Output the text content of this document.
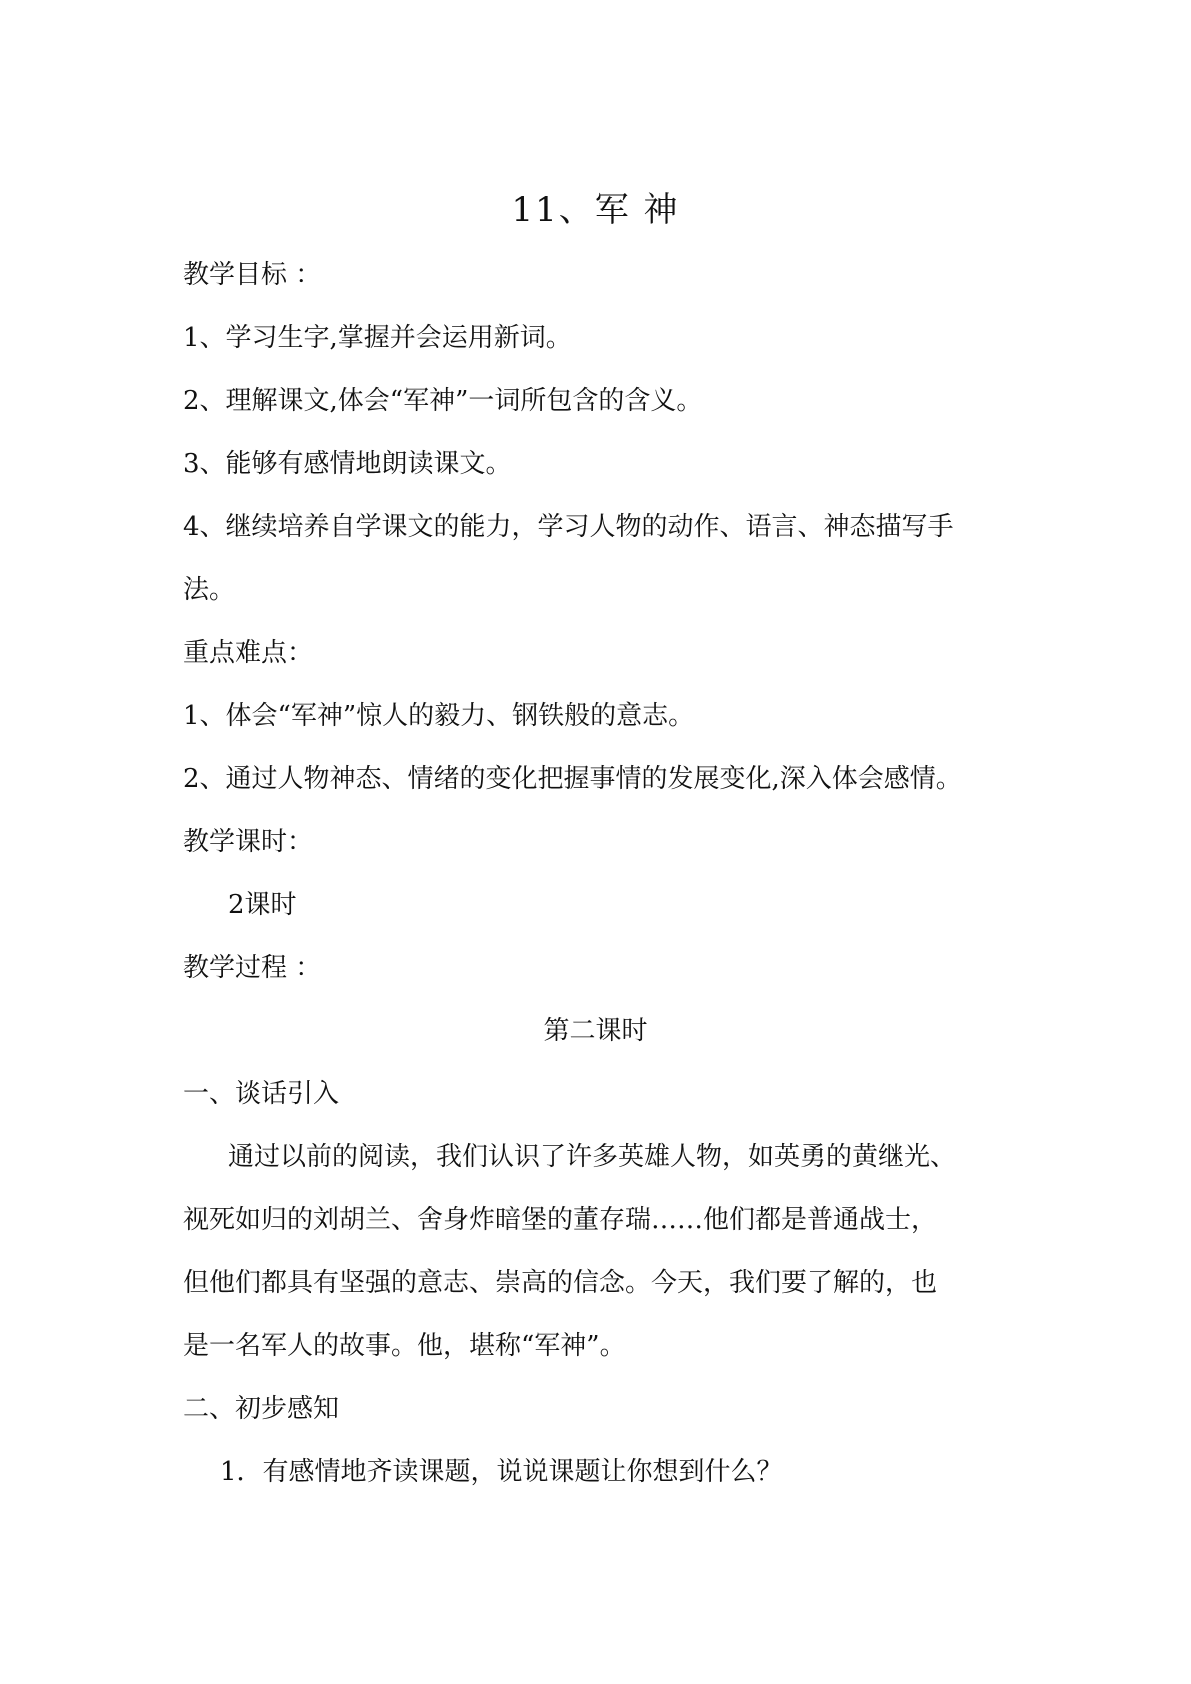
11、军 神
教学目标 ：
1、学习生字,掌握并会运用新词。
2、理解课文,体会“军神”一词所包含的含义。
3、能够有感情地朗读课文。
4、继续培养自学课文的能力，学习人物的动作、语言、神态描写手
法。
重点难点：
1、体会“军神”惊人的毅力、钢铁般的意志。
2、通过人物神态、情绪的变化把握事情的发展变化,深入体会感情。
教学课时：
2课时
教学过程 ：
第二课时
一、谈话引入
通过以前的阅读，我们认识了许多英雄人物，如英勇的黄继光、
视死如归的刘胡兰、舍身炸暗堡的董存瑞……他们都是普通战士，
但他们都具有坚强的意志、崇高的信念。今天，我们要了解的，也
是一名军人的故事。他，堪称“军神”。
二、初步感知
1．有感情地齐读课题，说说课题让你想到什么？
